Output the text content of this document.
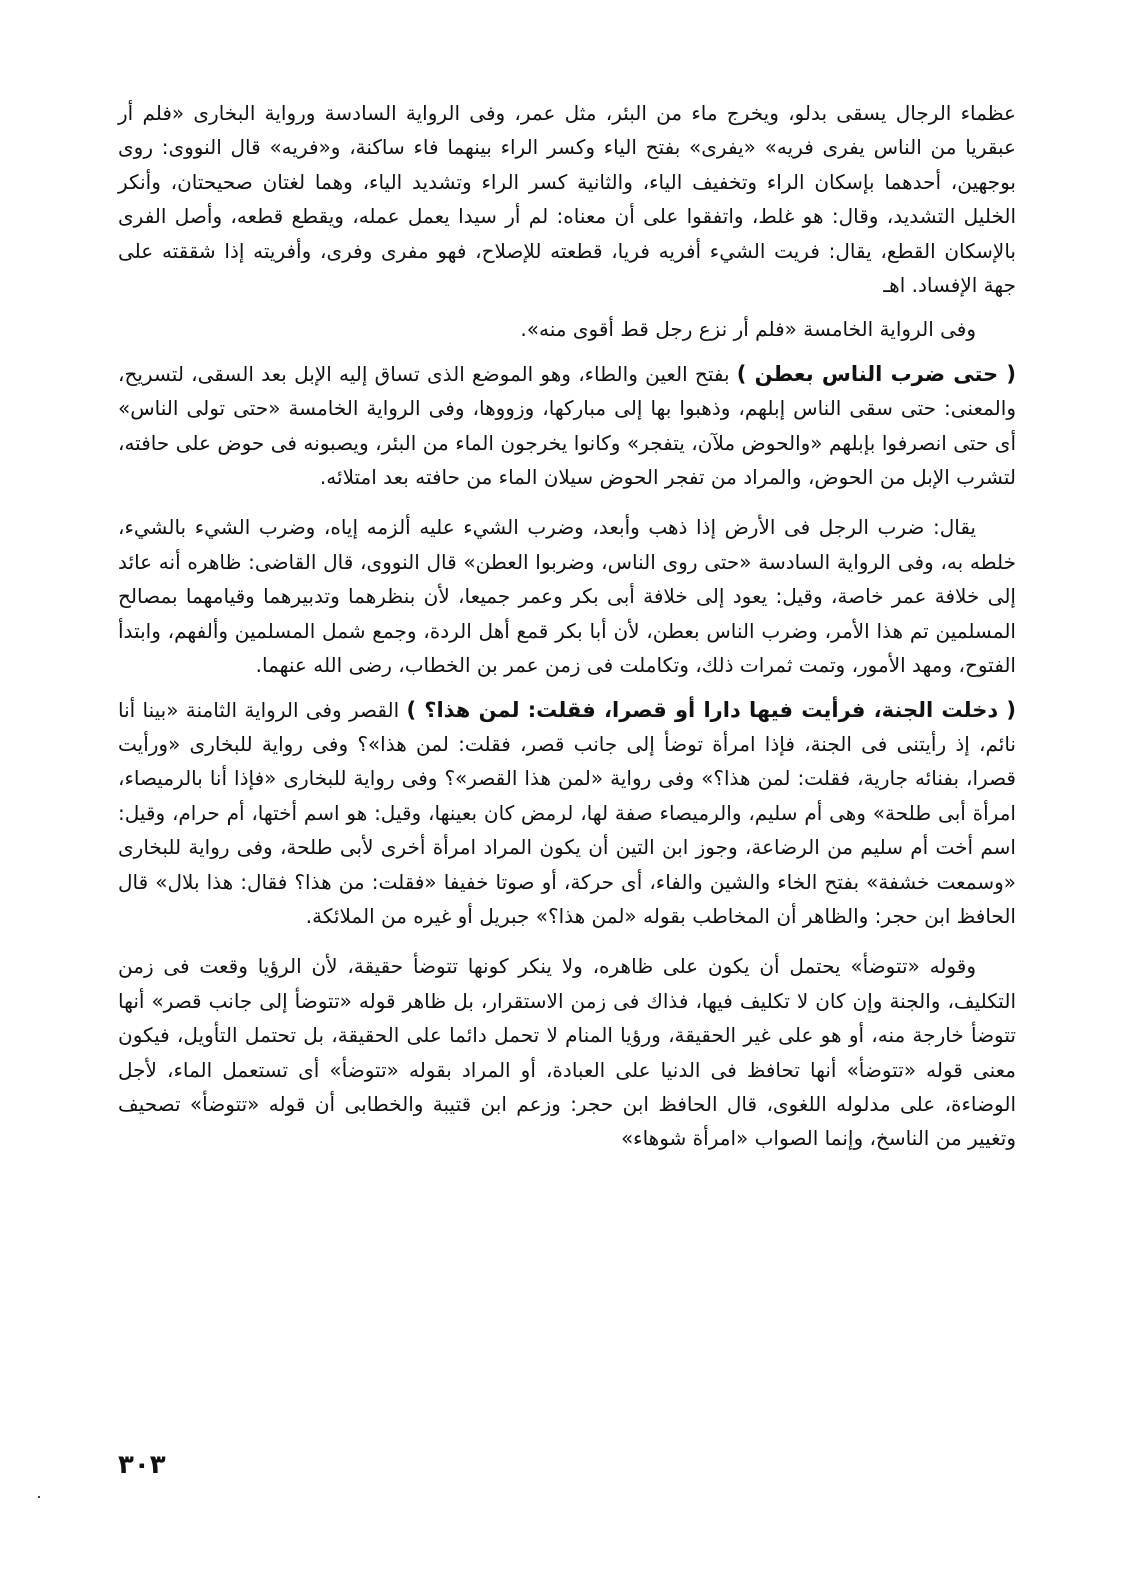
عظماء الرجال يسقى بدلو، ويخرج ماء من البئر، مثل عمر، وفى الرواية السادسة ورواية البخارى «فلم أر عبقريا من الناس يفرى فريه» «يفرى» بفتح الياء وكسر الراء بينهما فاء ساكنة، و«فريه» قال النووى: روى بوجهين، أحدهما بإسكان الراء وتخفيف الياء، والثانية كسر الراء وتشديد الياء، وهما لغتان صحيحتان، وأنكر الخليل التشديد، وقال: هو غلط، واتفقوا على أن معناه: لم أر سيدا يعمل عمله، ويقطع قطعه، وأصل الفرى بالإسكان القطع، يقال: فريت الشيء أفريه فريا، قطعته للإصلاح، فهو مفرى وفرى، وأفريته إذا شققته على جهة الإفساد. اهـ

وفى الرواية الخامسة «فلم أر نزع رجل قط أقوى منه».

( حتى ضرب الناس بعطن ) بفتح العين والطاء، وهو الموضع الذى تساق إليه الإبل بعد السقى، لتسريح، والمعنى: حتى سقى الناس إبلهم، وذهبوا بها إلى مباركها، وزووها، وفى الرواية الخامسة «حتى تولى الناس» أى حتى انصرفوا بإبلهم «والحوض ملآن، يتفجر» وكانوا يخرجون الماء من البئر، ويصبونه فى حوض على حافته، لتشرب الإبل من الحوض، والمراد من تفجر الحوض سيلان الماء من حافته بعد امتلائه.

يقال: ضرب الرجل فى الأرض إذا ذهب وأبعد، وضرب الشيء عليه ألزمه إياه، وضرب الشيء بالشيء، خلطه به، وفى الرواية السادسة «حتى روى الناس، وضربوا العطن» قال النووى، قال القاضى: ظاهره أنه عائد إلى خلافة عمر خاصة، وقيل: يعود إلى خلافة أبى بكر وعمر جميعا، لأن بنظرهما وتدبيرهما وقيامهما بمصالح المسلمين تم هذا الأمر، وضرب الناس بعطن، لأن أبا بكر قمع أهل الردة، وجمع شمل المسلمين وألفهم، وابتدأ الفتوح، ومهد الأمور، وتمت ثمرات ذلك، وتكاملت فى زمن عمر بن الخطاب، رضى الله عنهما.

( دخلت الجنة، فرأيت فيها دارا أو قصرا، فقلت: لمن هذا؟ ) القصر وفى الرواية الثامنة «بينا أنا نائم، إذ رأيتنى فى الجنة، فإذا امرأة توضأ إلى جانب قصر، فقلت: لمن هذا»؟ وفى رواية للبخارى «ورأيت قصرا، بفنائه جارية، فقلت: لمن هذا؟» وفى رواية «لمن هذا القصر»؟ وفى رواية للبخارى «فإذا أنا بالرميصاء، امرأة أبى طلحة» وهى أم سليم، والرميصاء صفة لها، لرمض كان بعينها، وقيل: هو اسم أختها، أم حرام، وقيل: اسم أخت أم سليم من الرضاعة، وجوز ابن التين أن يكون المراد امرأة أخرى لأبى طلحة، وفى رواية للبخارى «وسمعت خشفة» بفتح الخاء والشين والفاء، أى حركة، أو صوتا خفيفا «فقلت: من هذا؟ فقال: هذا بلال» قال الحافظ ابن حجر: والظاهر أن المخاطب بقوله «لمن هذا؟» جبريل أو غيره من الملائكة.

وقوله «تتوضأ» يحتمل أن يكون على ظاهره، ولا ينكر كونها تتوضأ حقيقة، لأن الرؤيا وقعت فى زمن التكليف، والجنة وإن كان لا تكليف فيها، فذاك فى زمن الاستقرار، بل ظاهر قوله «تتوضأ إلى جانب قصر» أنها تتوضأ خارجة منه، أو هو على غير الحقيقة، ورؤيا المنام لا تحمل دائما على الحقيقة، بل تحتمل التأويل، فيكون معنى قوله «تتوضأ» أنها تحافظ فى الدنيا على العبادة، أو المراد بقوله «تتوضأ» أى تستعمل الماء، لأجل الوضاءة، على مدلوله اللغوى، قال الحافظ ابن حجر: وزعم ابن قتيبة والخطابى أن قوله «تتوضأ» تصحيف وتغيير من الناسخ، وإنما الصواب «امرأة شوهاء»

٣٠٣
